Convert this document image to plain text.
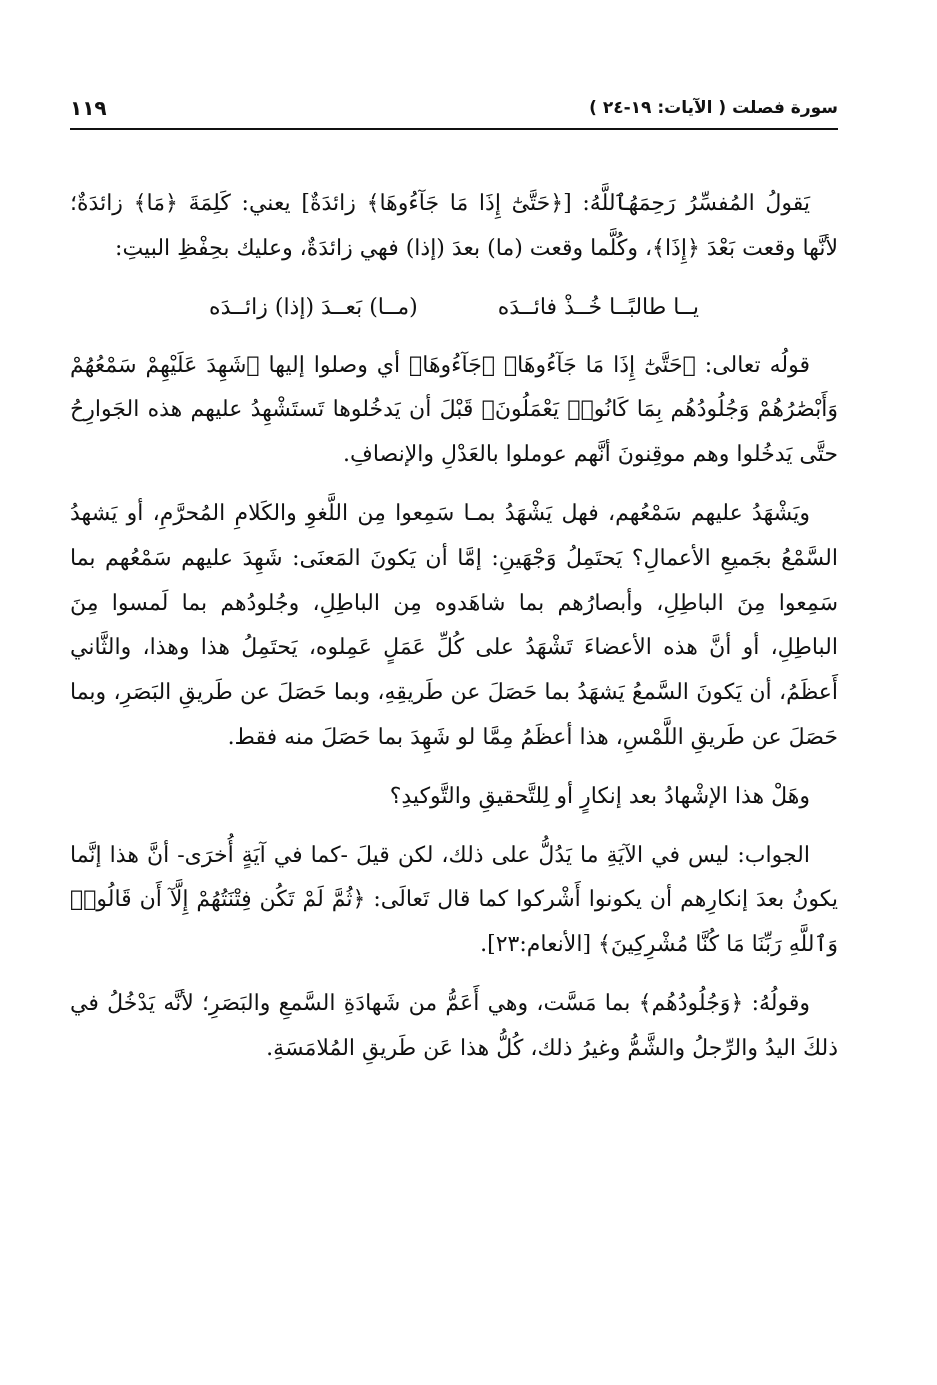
سورة فصلت ( الآيات: ١٩-٢٤ )
١١٩

يَقولُ المُفسِّرُ رَحِمَهُٱللَّهُ: [﴿حَتَّىٰٓ إِذَا مَا جَآءُوهَا﴾ زائدَةٌ] يعني: كَلِمَةَ ﴿مَا﴾ زائدَةٌ؛ لأنَّها وقعت بَعْدَ ﴿إِذَا﴾، وكُلَّما وقعت (ما) بعدَ (إذا) فهي زائدَةٌ، وعليك بحِفْظِ البيتِ:

يــا طالبًــا خُــذْ فائــدَه
(مــا) بَعــدَ (إذا) زائــدَه

قولُه تعالى: ﴿حَتَّىٰٓ إِذَا مَا جَآءُوهَا﴾ ﴿جَآءُوهَا﴾ أي وصلوا إليها ﴿شَهِدَ عَلَيْهِمْ سَمْعُهُمْ وَأَبْصَٰرُهُمْ وَجُلُودُهُم بِمَا كَانُوا۟ يَعْمَلُونَ﴾ قَبْلَ أن يَدخُلوها تَستَشْهِدُ عليهم هذه الجَوارِحُ حتَّى يَدخُلوا وهم موقِنونَ أنَّهم عوملوا بالعَدْلِ والإنصافِ.

ويَشْهَدُ عليهم سَمْعُهم، فهل يَشْهَدُ بمـا سَمِعوا مِن اللَّغوِ والكَلامِ المُحرَّمِ، أو يَشهدُ السَّمْعُ بجَميعِ الأعمالِ؟ يَحتَمِلُ وَجْهَينِ: إمَّا أن يَكونَ المَعنَى: شَهِدَ عليهم سَمْعُهم بما سَمِعوا مِنَ الباطِلِ، وأبصارُهم بما شاهَدوه مِن الباطِلِ، وجُلودُهم بما لَمسوا مِنَ الباطِلِ، أو أنَّ هذه الأعضاءَ تَشْهَدُ على كُلِّ عَمَلٍ عَمِلوه، يَحتَمِلُ هذا وهذا، والثَّاني أَعظَمُ، أن يَكونَ السَّمعُ يَشهَدُ بما حَصَلَ عن طَريقِهِ، وبما حَصَلَ عن طَريقِ البَصَرِ، وبما حَصَلَ عن طَريقِ اللَّمْسِ، هذا أعظَمُ مِمَّا لو شَهِدَ بما حَصَلَ منه فقط.

وهَلْ هذا الإشْهادُ بعد إنكارٍ أو لِلتَّحقيقِ والتَّوكيدِ؟

الجواب: ليس في الآيَةِ ما يَدُلُّ على ذلك، لكن قيلَ -كما في آيَةٍ أُخرَى- أنَّ هذا إنَّما يكونُ بعدَ إنكارِهم أن يكونوا أَشْركوا كما قال تَعالَى: ﴿ثُمَّ لَمْ تَكُن فِتْنَتُهُمْ إِلَّآ أَن قَالُوا۟ وَٱللَّهِ رَبِّنَا مَا كُنَّا مُشْرِكِينَ﴾ [الأنعام:٢٣].

وقولُهُ: ﴿وَجُلُودُهُم﴾ بما مَسَّت، وهي أَعَمُّ من شَهادَةِ السَّمعِ والبَصَرِ؛ لأنَّه يَدْخُلُ في ذلكَ اليدُ والرِّجلُ والشَّمُّ وغيرُ ذلك، كُلُّ هذا عَن طَريقِ المُلامَسَةِ.
